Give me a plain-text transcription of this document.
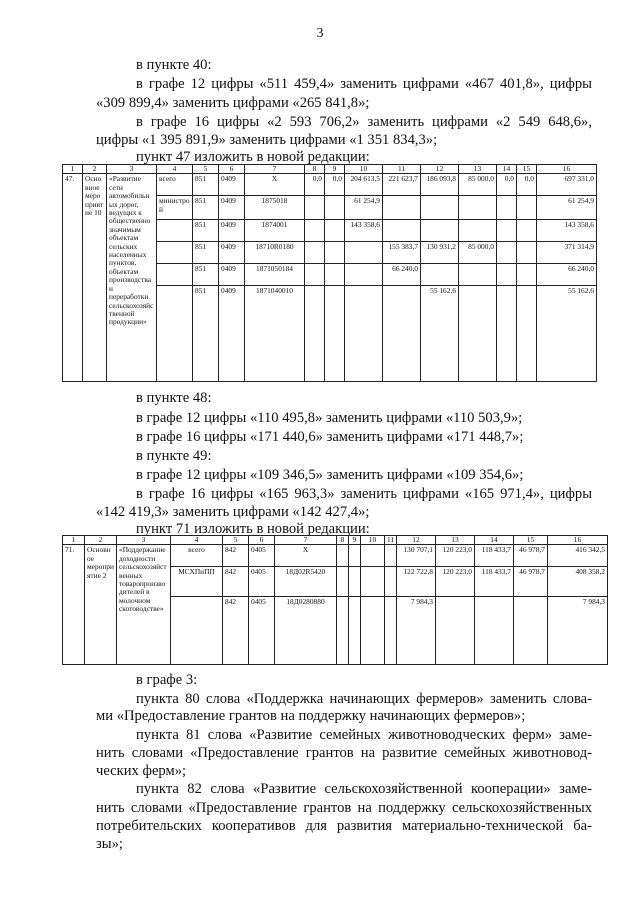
3
в пункте 40:
в графе 12 цифры «511 459,4» заменить цифрами «467 401,8», цифры
«309 899,4» заменить цифрами «265 841,8»;
в графе 16 цифры «2 593 706,2» заменить цифрами «2 549 648,6»,
цифры «1 395 891,9» заменить цифрами «1 351 834,3»;
пункт 47 изложить в новой редакции:
1	2	3	4	5	6	7	8	9	10	11	12	13	14	15	16
47.	Основное мероприятие 10	«Развитие сети автомобильных дорог, ведущих к общественно значимым объектам сельских населенных пунктов, объектам производства и переработки сельскохозяйственной продукции»	всего	851	0409	Х	0,0	0,0	204 613,5	221 623,7	186 093,8	85 000,0	0,0	0,0	697 331,0
			министрой	851	0409	1875018			61 254,9						61 254,9
				851	0409	1874001			143 358,6						143 358,6
				851	0409	18710R0180				155 383,7	130 931,2	85 000,0			371 314,9
				851	0409	1871050184				66 240,0					66 240,0
				851	0409	1871040010					55 162,6				55 162,6
в пункте 48:
в графе 12 цифры «110 495,8» заменить цифрами «110 503,9»;
в графе 16 цифры «171 440,6» заменить цифрами «171 448,7»;
в пункте 49:
в графе 12 цифры «109 346,5» заменить цифрами «109 354,6»;
в графе 16 цифры «165 963,3» заменить цифрами «165 971,4», цифры
«142 419,3» заменить цифрами «142 427,4»;
пункт 71 изложить в новой редакции:
1	2	3	4	5	6	7	8	9	10	11	12	13	14	15	16
71.	Основное мероприятие 2	«Поддержание доходности сельскохозяйственных товаропроизводителей в молочном скотоводстве»	всего	842	0405	Х					130 707,1	120 223,0	118 433,7	46 978,7	416 342,5
			МСХПиПП	842	0405	18Д02R5420					122 722,8	120 223,0	118 433,7	46 978,7	408 358,2
				842	0405	18Д0280880					7 984,3				7 984,3
в графе 3:
пункта 80 слова «Поддержка начинающих фермеров» заменить слова-
ми «Предоставление грантов на поддержку начинающих фермеров»;
пункта 81 слова «Развитие семейных животноводческих ферм» заме-
нить словами «Предоставление грантов на развитие семейных животновод-
ческих ферм»;
пункта 82 слова «Развитие сельскохозяйственной кооперации» заме-
нить словами «Предоставление грантов на поддержку сельскохозяйственных
потребительских кооперативов для развития материально-технической ба-
зы»;
